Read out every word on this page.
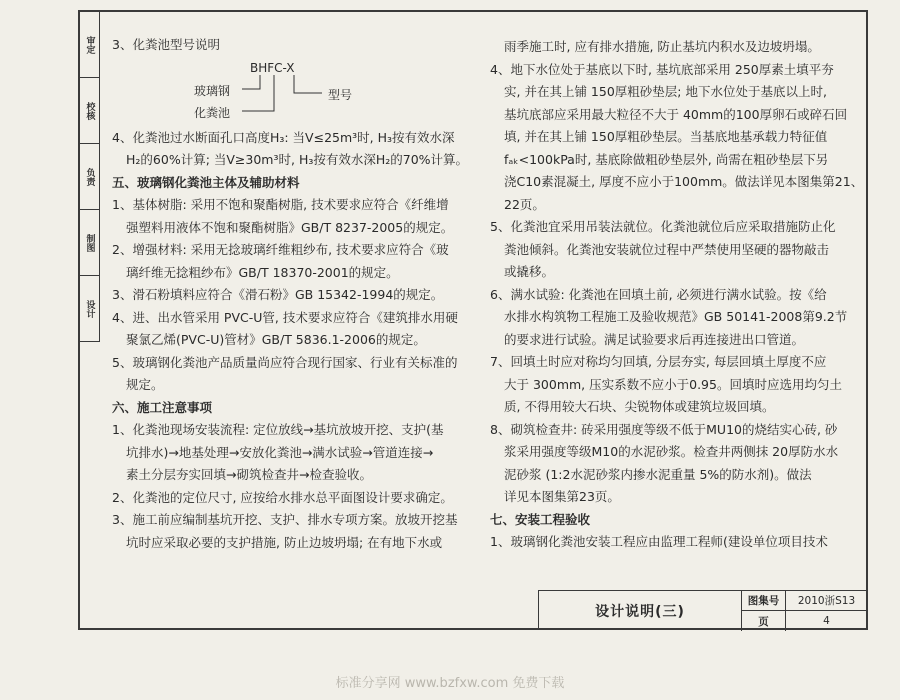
审定
校核
负责
制图
设计
3、化粪池型号说明
BHFC-X
玻璃钢
化粪池
型号
4、化粪池过水断面孔口高度H₃: 当V≤25m³时, H₃按有效水深
H₂的60%计算; 当V≥30m³时, H₃按有效水深H₂的70%计算。
五、玻璃钢化粪池主体及辅助材料
1、基体树脂: 采用不饱和聚酯树脂, 技术要求应符合《纤维增
强塑料用液体不饱和聚酯树脂》GB/T 8237-2005的规定。
2、增强材料: 采用无捻玻璃纤维粗纱布, 技术要求应符合《玻
璃纤维无捻粗纱布》GB/T 18370-2001的规定。
3、滑石粉填料应符合《滑石粉》GB 15342-1994的规定。
4、进、出水管采用 PVC-U管, 技术要求应符合《建筑排水用硬
聚氯乙烯(PVC-U)管材》GB/T 5836.1-2006的规定。
5、玻璃钢化粪池产品质量尚应符合现行国家、行业有关标准的
规定。
六、施工注意事项
1、化粪池现场安装流程: 定位放线→基坑放坡开挖、支护(基
坑排水)→地基处理→安放化粪池→满水试验→管道连接→
素土分层夯实回填→砌筑检查井→检查验收。
2、化粪池的定位尺寸, 应按给水排水总平面图设计要求确定。
3、施工前应编制基坑开挖、支护、排水专项方案。放坡开挖基
坑时应采取必要的支护措施, 防止边坡坍塌; 在有地下水或
雨季施工时, 应有排水措施, 防止基坑内积水及边坡坍塌。
4、地下水位处于基底以下时, 基坑底部采用 250厚素土填平夯
实, 并在其上铺 150厚粗砂垫层; 地下水位处于基底以上时,
基坑底部应采用最大粒径不大于 40mm的100厚卵石或碎石回
填, 并在其上铺 150厚粗砂垫层。当基底地基承载力特征值
fₐₖ<100kPa时, 基底除做粗砂垫层外, 尚需在粗砂垫层下另
浇C10素混凝土, 厚度不应小于100mm。做法详见本图集第21、
22页。
5、化粪池宜采用吊装法就位。化粪池就位后应采取措施防止化
粪池倾斜。化粪池安装就位过程中严禁使用坚硬的器物敲击
或撬移。
6、满水试验: 化粪池在回填土前, 必须进行满水试验。按《给
水排水构筑物工程施工及验收规范》GB 50141-2008第9.2节
的要求进行试验。满足试验要求后再连接进出口管道。
7、回填土时应对称均匀回填, 分层夯实, 每层回填土厚度不应
大于 300mm, 压实系数不应小于0.95。回填时应选用均匀土
质, 不得用较大石块、尖锐物体或建筑垃圾回填。
8、砌筑检查井: 砖采用强度等级不低于MU10的烧结实心砖, 砂
浆采用强度等级M10的水泥砂浆。检查井两侧抹 20厚防水水
泥砂浆 (1:2水泥砂浆内掺水泥重量 5%的防水剂)。做法
详见本图集第23页。
七、安装工程验收
1、玻璃钢化粪池安装工程应由监理工程师(建设单位项目技术
设计说明(三)
图集号	2010浙S13
页	4
标准分享网 www.bzfxw.com 免费下载
